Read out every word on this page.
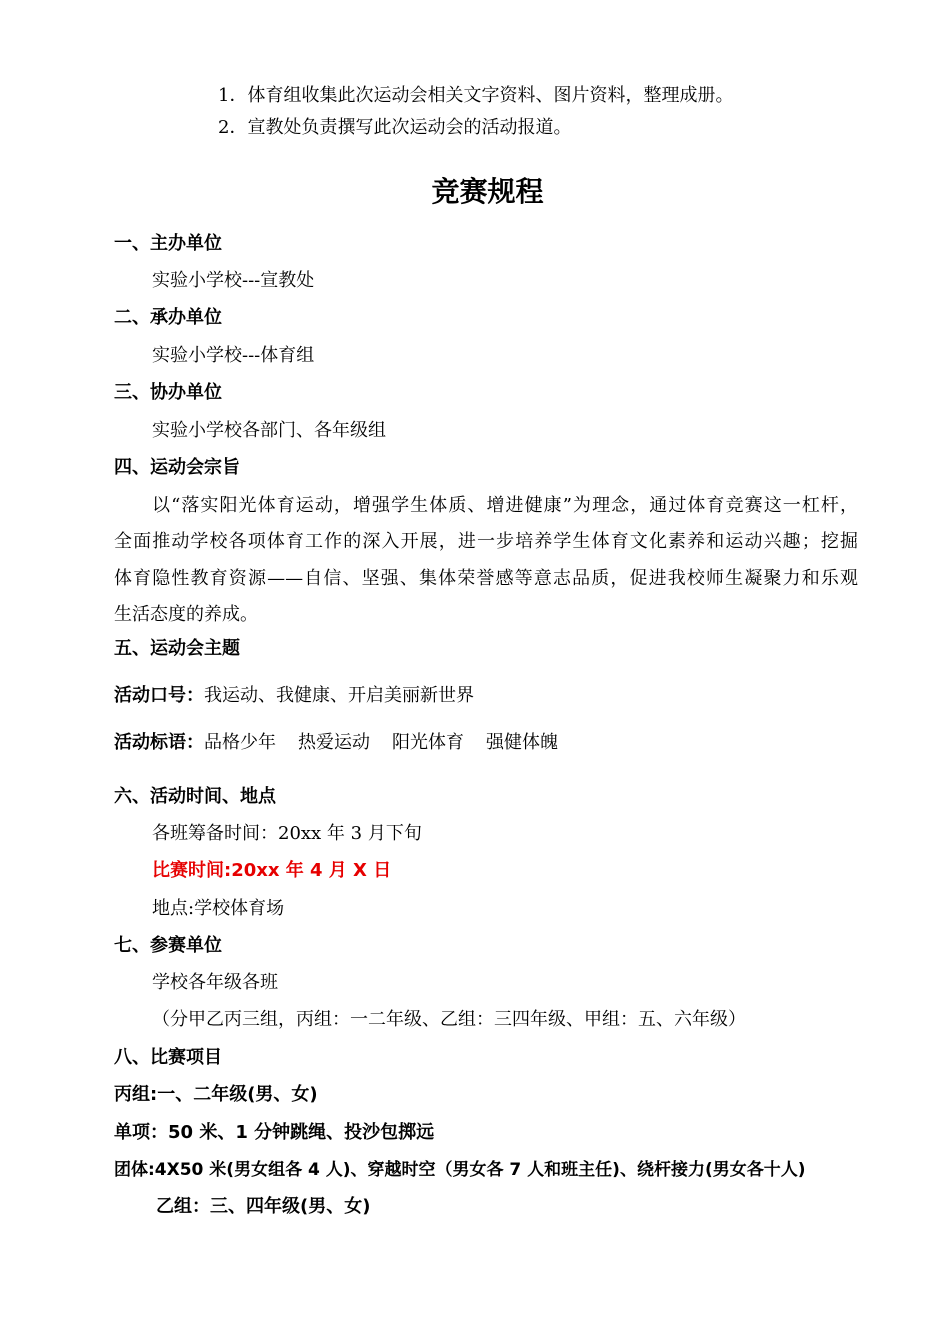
1．体育组收集此次运动会相关文字资料、图片资料，整理成册。
2．宣教处负责撰写此次运动会的活动报道。
竞赛规程
一、主办单位
实验小学校---宣教处
二、承办单位
实验小学校---体育组
三、协办单位
实验小学校各部门、各年级组
四、运动会宗旨
以“落实阳光体育运动，增强学生体质、增进健康”为理念，通过体育竞赛这一杠杆，
全面推动学校各项体育工作的深入开展，进一步培养学生体育文化素养和运动兴趣；挖掘
体育隐性教育资源——自信、坚强、集体荣誉感等意志品质，促进我校师生凝聚力和乐观
生活态度的养成。
五、运动会主题
活动口号：我运动、我健康、开启美丽新世界
活动标语：品格少年 热爱运动 阳光体育 强健体魄
六、活动时间、地点
各班筹备时间：20xx 年 3 月下旬
比赛时间:20xx 年 4 月 X 日
地点:学校体育场
七、参赛单位
学校各年级各班
（分甲乙丙三组，丙组：一二年级、乙组：三四年级、甲组：五、六年级）
八、比赛项目
丙组:一、二年级(男、女)
单项：50 米、1 分钟跳绳、投沙包掷远
团体:4X50 米(男女组各 4 人)、穿越时空（男女各 7 人和班主任)、绕杆接力(男女各十人)
乙组：三、四年级(男、女)
